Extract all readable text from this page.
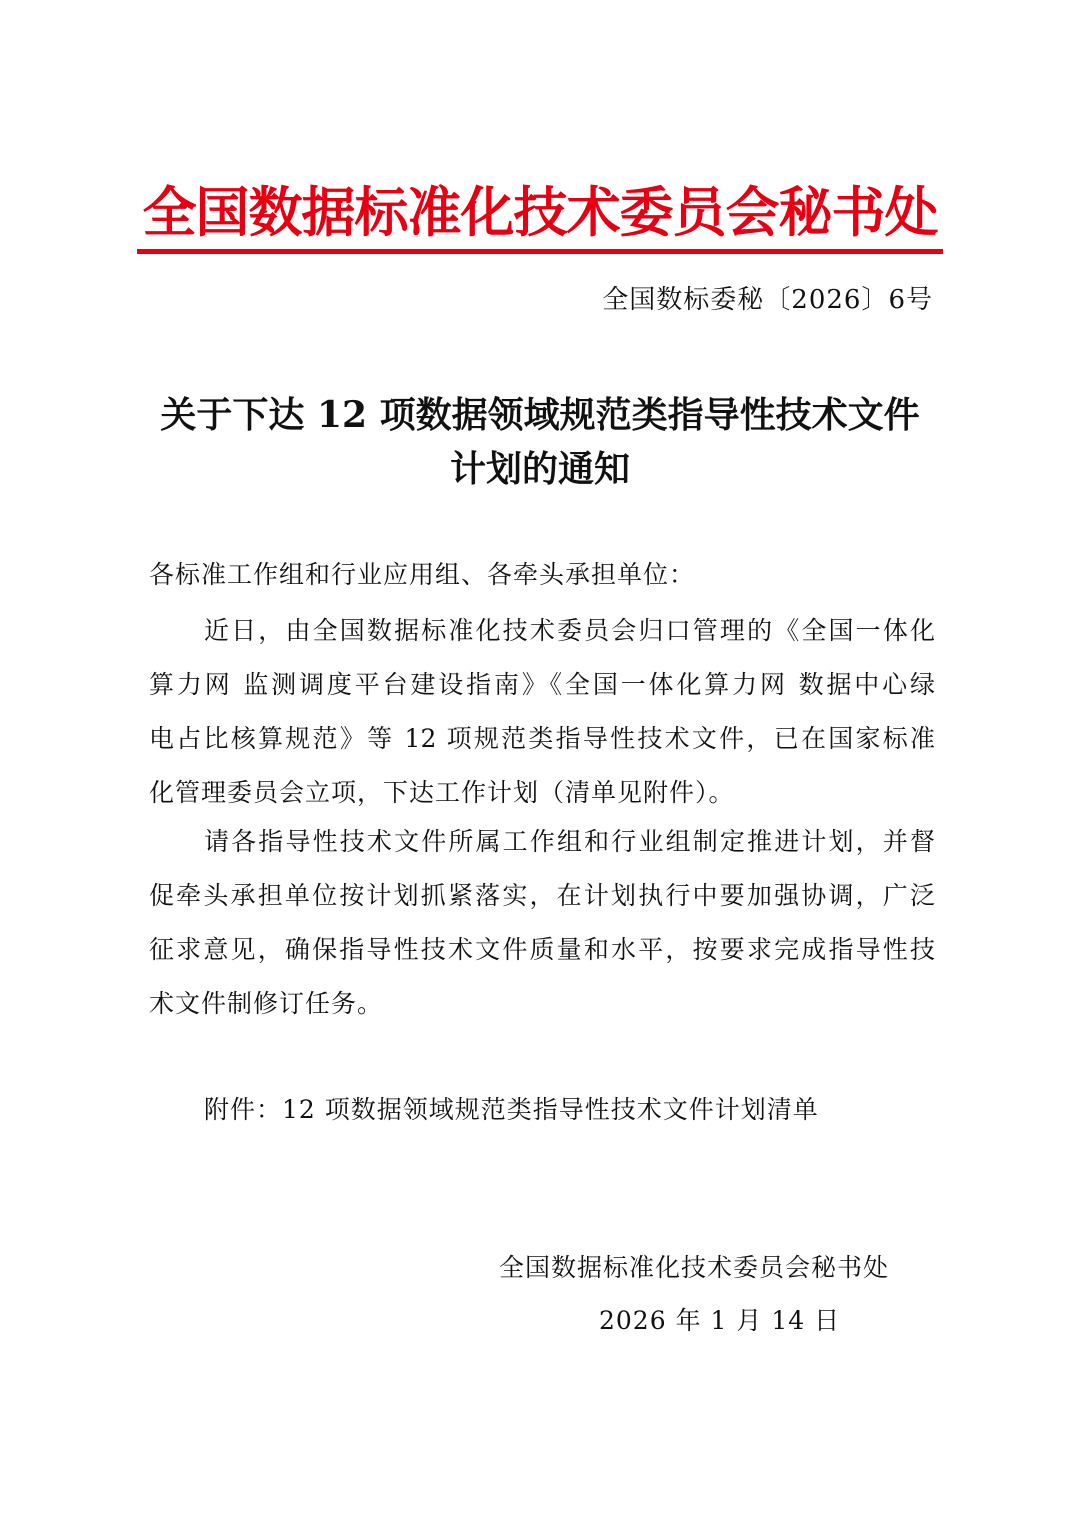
全国数据标准化技术委员会秘书处
全国数标委秘〔2026〕6号
关于下达 12 项数据领域规范类指导性技术文件
计划的通知
各标准工作组和行业应用组、各牵头承担单位：
近日，由全国数据标准化技术委员会归口管理的《全国一体化
算力网 监测调度平台建设指南》《全国一体化算力网 数据中心绿
电占比核算规范》等 12 项规范类指导性技术文件，已在国家标准
化管理委员会立项，下达工作计划（清单见附件）。
请各指导性技术文件所属工作组和行业组制定推进计划，并督
促牵头承担单位按计划抓紧落实，在计划执行中要加强协调，广泛
征求意见，确保指导性技术文件质量和水平，按要求完成指导性技
术文件制修订任务。
附件：12 项数据领域规范类指导性技术文件计划清单
全国数据标准化技术委员会秘书处
2026 年 1 月 14 日
